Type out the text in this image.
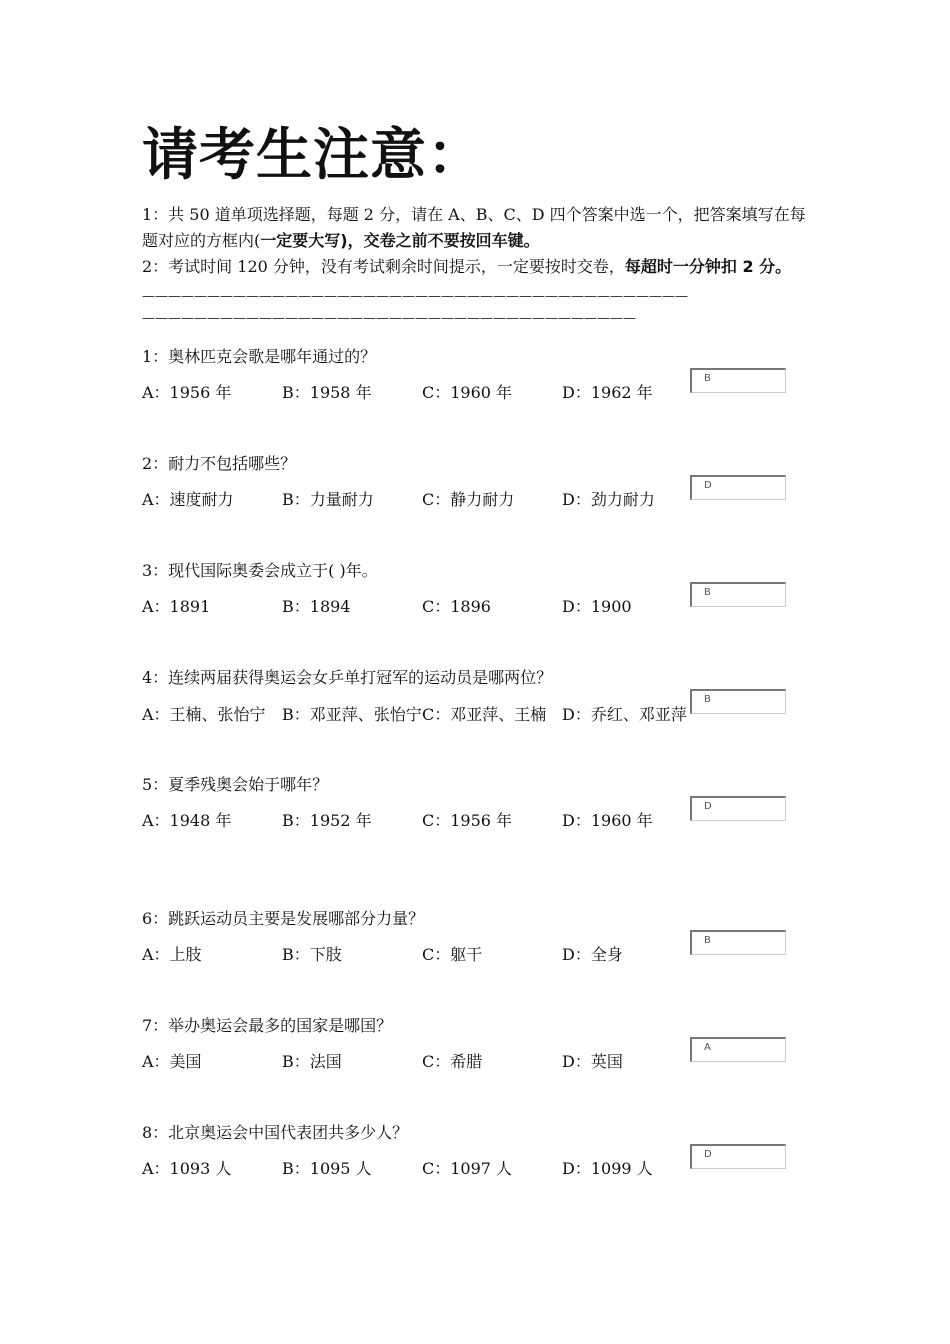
请考生注意：

1：共 50 道单项选择题，每题 2 分，请在 A、B、C、D 四个答案中选一个，把答案填写在每题对应的方框内(一定要大写)，交卷之前不要按回车键。

2：考试时间 120 分钟，没有考试剩余时间提示，一定要按时交卷，每超时一分钟扣 2 分。

——————————————————————————————————————————

——————————————————————————————————————

1：奥林匹克会歌是哪年通过的？

A：1956 年	B：1958 年	C：1960 年	D：1962 年
B

2：耐力不包括哪些？

A：速度耐力	B：力量耐力	C：静力耐力	D：劲力耐力
D

3：现代国际奥委会成立于( )年。

A：1891	B：1894	C：1896	D：1900
B

4：连续两届获得奥运会女乒单打冠军的运动员是哪两位？

A：王楠、张怡宁	B：邓亚萍、张怡宁 C：邓亚萍、王楠 D：乔红、邓亚萍
B

5：夏季残奥会始于哪年？

A：1948 年	B：1952 年	C：1956 年	D：1960 年
D

6：跳跃运动员主要是发展哪部分力量？

A：上肢	B：下肢	C：躯干	D：全身
B

7：举办奥运会最多的国家是哪国？

A：美国	B：法国	C：希腊	D：英国
A

8：北京奥运会中国代表团共多少人？

A：1093 人	B：1095 人	C：1097 人	D：1099 人
D
